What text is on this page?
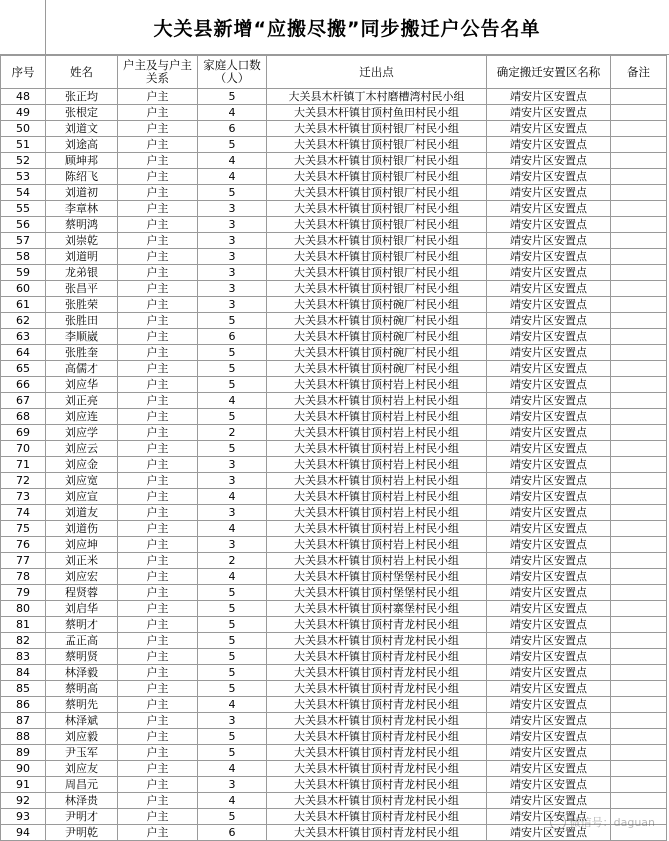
大关县新增“应搬尽搬”同步搬迁户公告名单
序号	姓名	户主及与户主关系	家庭人口数（人）	迁出点	确定搬迁安置区名称	备注
48	张正均	户主	5	大关县木杆镇丁木村磨槽湾村民小组	靖安片区安置点	
49	张根定	户主	4	大关县木杆镇甘顶村鱼田村民小组	靖安片区安置点	
50	刘道文	户主	6	大关县木杆镇甘顶村银厂村民小组	靖安片区安置点	
51	刘途高	户主	5	大关县木杆镇甘顶村银厂村民小组	靖安片区安置点	
52	顾坤邦	户主	4	大关县木杆镇甘顶村银厂村民小组	靖安片区安置点	
53	陈绍飞	户主	4	大关县木杆镇甘顶村银厂村民小组	靖安片区安置点	
54	刘道初	户主	5	大关县木杆镇甘顶村银厂村民小组	靖安片区安置点	
55	李章林	户主	3	大关县木杆镇甘顶村银厂村民小组	靖安片区安置点	
56	蔡明鸿	户主	3	大关县木杆镇甘顶村银厂村民小组	靖安片区安置点	
57	刘崇乾	户主	3	大关县木杆镇甘顶村银厂村民小组	靖安片区安置点	
58	刘道明	户主	3	大关县木杆镇甘顶村银厂村民小组	靖安片区安置点	
59	龙弟银	户主	3	大关县木杆镇甘顶村银厂村民小组	靖安片区安置点	
60	张昌平	户主	3	大关县木杆镇甘顶村银厂村民小组	靖安片区安置点	
61	张胜荣	户主	3	大关县木杆镇甘顶村碗厂村民小组	靖安片区安置点	
62	张胜田	户主	5	大关县木杆镇甘顶村碗厂村民小组	靖安片区安置点	
63	李顺崴	户主	6	大关县木杆镇甘顶村碗厂村民小组	靖安片区安置点	
64	张胜奎	户主	5	大关县木杆镇甘顶村碗厂村民小组	靖安片区安置点	
65	高儒才	户主	5	大关县木杆镇甘顶村碗厂村民小组	靖安片区安置点	
66	刘应华	户主	5	大关县木杆镇甘顶村岩上村民小组	靖安片区安置点	
67	刘正亮	户主	4	大关县木杆镇甘顶村岩上村民小组	靖安片区安置点	
68	刘应连	户主	5	大关县木杆镇甘顶村岩上村民小组	靖安片区安置点	
69	刘应学	户主	2	大关县木杆镇甘顶村岩上村民小组	靖安片区安置点	
70	刘应云	户主	5	大关县木杆镇甘顶村岩上村民小组	靖安片区安置点	
71	刘应金	户主	3	大关县木杆镇甘顶村岩上村民小组	靖安片区安置点	
72	刘应宽	户主	3	大关县木杆镇甘顶村岩上村民小组	靖安片区安置点	
73	刘应宣	户主	4	大关县木杆镇甘顶村岩上村民小组	靖安片区安置点	
74	刘道友	户主	3	大关县木杆镇甘顶村岩上村民小组	靖安片区安置点	
75	刘道伤	户主	4	大关县木杆镇甘顶村岩上村民小组	靖安片区安置点	
76	刘应坤	户主	3	大关县木杆镇甘顶村岩上村民小组	靖安片区安置点	
77	刘正米	户主	2	大关县木杆镇甘顶村岩上村民小组	靖安片区安置点	
78	刘应宏	户主	4	大关县木杆镇甘顶村堡堡村民小组	靖安片区安置点	
79	程贤蓉	户主	5	大关县木杆镇甘顶村堡堡村民小组	靖安片区安置点	
80	刘启华	户主	5	大关县木杆镇甘顶村寨堡村民小组	靖安片区安置点	
81	蔡明才	户主	5	大关县木杆镇甘顶村青龙村民小组	靖安片区安置点	
82	孟正高	户主	5	大关县木杆镇甘顶村青龙村民小组	靖安片区安置点	
83	蔡明贤	户主	5	大关县木杆镇甘顶村青龙村民小组	靖安片区安置点	
84	林泽毅	户主	5	大关县木杆镇甘顶村青龙村民小组	靖安片区安置点	
85	蔡明高	户主	5	大关县木杆镇甘顶村青龙村民小组	靖安片区安置点	
86	蔡明先	户主	4	大关县木杆镇甘顶村青龙村民小组	靖安片区安置点	
87	林泽斌	户主	3	大关县木杆镇甘顶村青龙村民小组	靖安片区安置点	
88	刘应毅	户主	5	大关县木杆镇甘顶村青龙村民小组	靖安片区安置点	
89	尹玉军	户主	5	大关县木杆镇甘顶村青龙村民小组	靖安片区安置点	
90	刘应友	户主	4	大关县木杆镇甘顶村青龙村民小组	靖安片区安置点	
91	周昌元	户主	3	大关县木杆镇甘顶村青龙村民小组	靖安片区安置点	
92	林泽贵	户主	4	大关县木杆镇甘顶村青龙村民小组	靖安片区安置点	
93	尹明才	户主	5	大关县木杆镇甘顶村青龙村民小组	靖安片区安置点	
94	尹明乾	户主	6	大关县木杆镇甘顶村青龙村民小组	靖安片区安置点	
微信号：daguan
